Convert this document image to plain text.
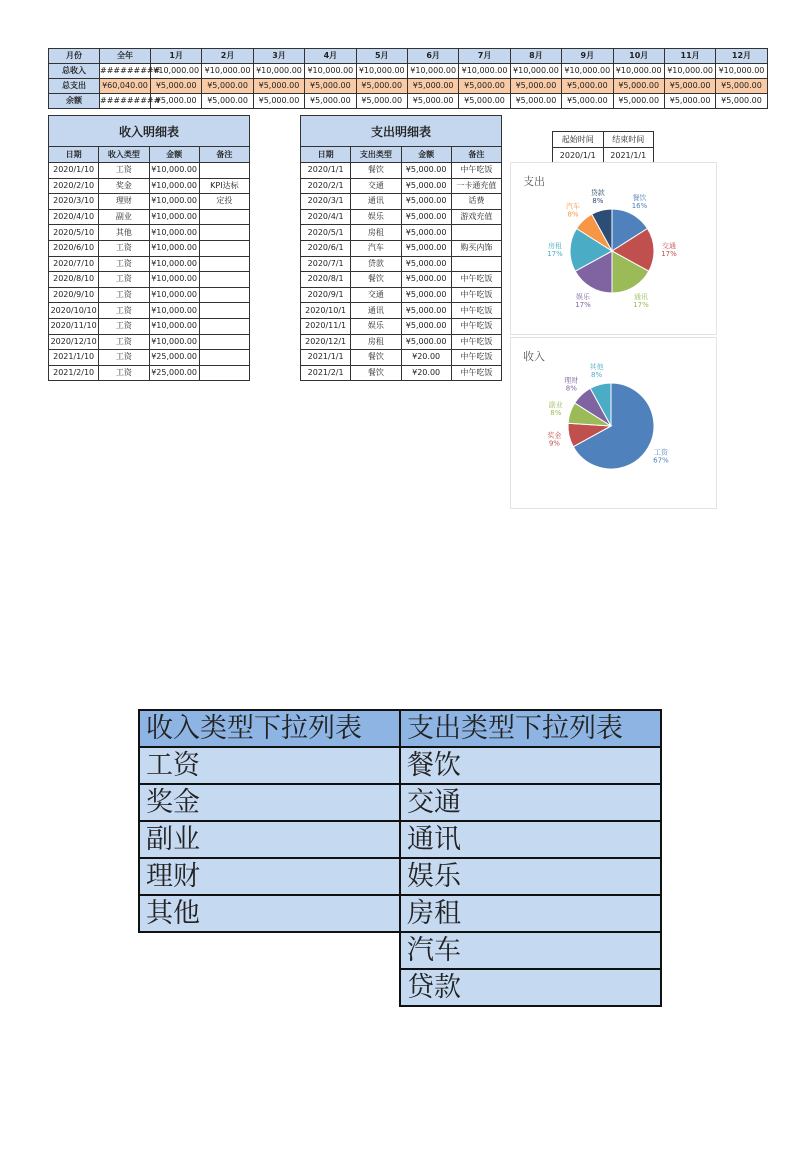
月份	全年	1月	2月	3月	4月	5月	6月	7月	8月	9月	10月	11月	12月
总收入	#########	¥10,000.00	¥10,000.00	¥10,000.00	¥10,000.00	¥10,000.00	¥10,000.00	¥10,000.00	¥10,000.00	¥10,000.00	¥10,000.00	¥10,000.00	¥10,000.00
总支出	¥60,040.00	¥5,000.00	¥5,000.00	¥5,000.00	¥5,000.00	¥5,000.00	¥5,000.00	¥5,000.00	¥5,000.00	¥5,000.00	¥5,000.00	¥5,000.00	¥5,000.00
余额	#########	¥5,000.00	¥5,000.00	¥5,000.00	¥5,000.00	¥5,000.00	¥5,000.00	¥5,000.00	¥5,000.00	¥5,000.00	¥5,000.00	¥5,000.00	¥5,000.00
收入明细表			
日期	收入类型	金额	备注
2020/1/10	工资	¥10,000.00	
2020/2/10	奖金	¥10,000.00	KPI达标
2020/3/10	理财	¥10,000.00	定投
2020/4/10	副业	¥10,000.00	
2020/5/10	其他	¥10,000.00	
2020/6/10	工资	¥10,000.00	
2020/7/10	工资	¥10,000.00	
2020/8/10	工资	¥10,000.00	
2020/9/10	工资	¥10,000.00	
2020/10/10	工资	¥10,000.00	
2020/11/10	工资	¥10,000.00	
2020/12/10	工资	¥10,000.00	
2021/1/10	工资	¥25,000.00	
2021/2/10	工资	¥25,000.00	
支出明细表			
日期	支出类型	金额	备注
2020/1/1	餐饮	¥5,000.00	中午吃饭
2020/2/1	交通	¥5,000.00	一卡通充值
2020/3/1	通讯	¥5,000.00	话费
2020/4/1	娱乐	¥5,000.00	游戏充值
2020/5/1	房租	¥5,000.00	
2020/6/1	汽车	¥5,000.00	购买内饰
2020/7/1	贷款	¥5,000.00	
2020/8/1	餐饮	¥5,000.00	中午吃饭
2020/9/1	交通	¥5,000.00	中午吃饭
2020/10/1	通讯	¥5,000.00	中午吃饭
2020/11/1	娱乐	¥5,000.00	中午吃饭
2020/12/1	房租	¥5,000.00	中午吃饭
2021/1/1	餐饮	¥20.00	中午吃饭
2021/2/1	餐饮	¥20.00	中午吃饭
起始时间	结束时间
2020/1/1	2021/1/1
支出
餐饮
16%
交通
17%
通讯
17%
娱乐
17%
房租
17%
汽车
8%
贷款
8%
收入
工资
67%
奖金
9%
副业
8%
理财
8%
其他
8%
收入类型下拉列表	支出类型下拉列表
工资	餐饮
奖金	交通
副业	通讯
理财	娱乐
其他	房租
	汽车
	贷款
